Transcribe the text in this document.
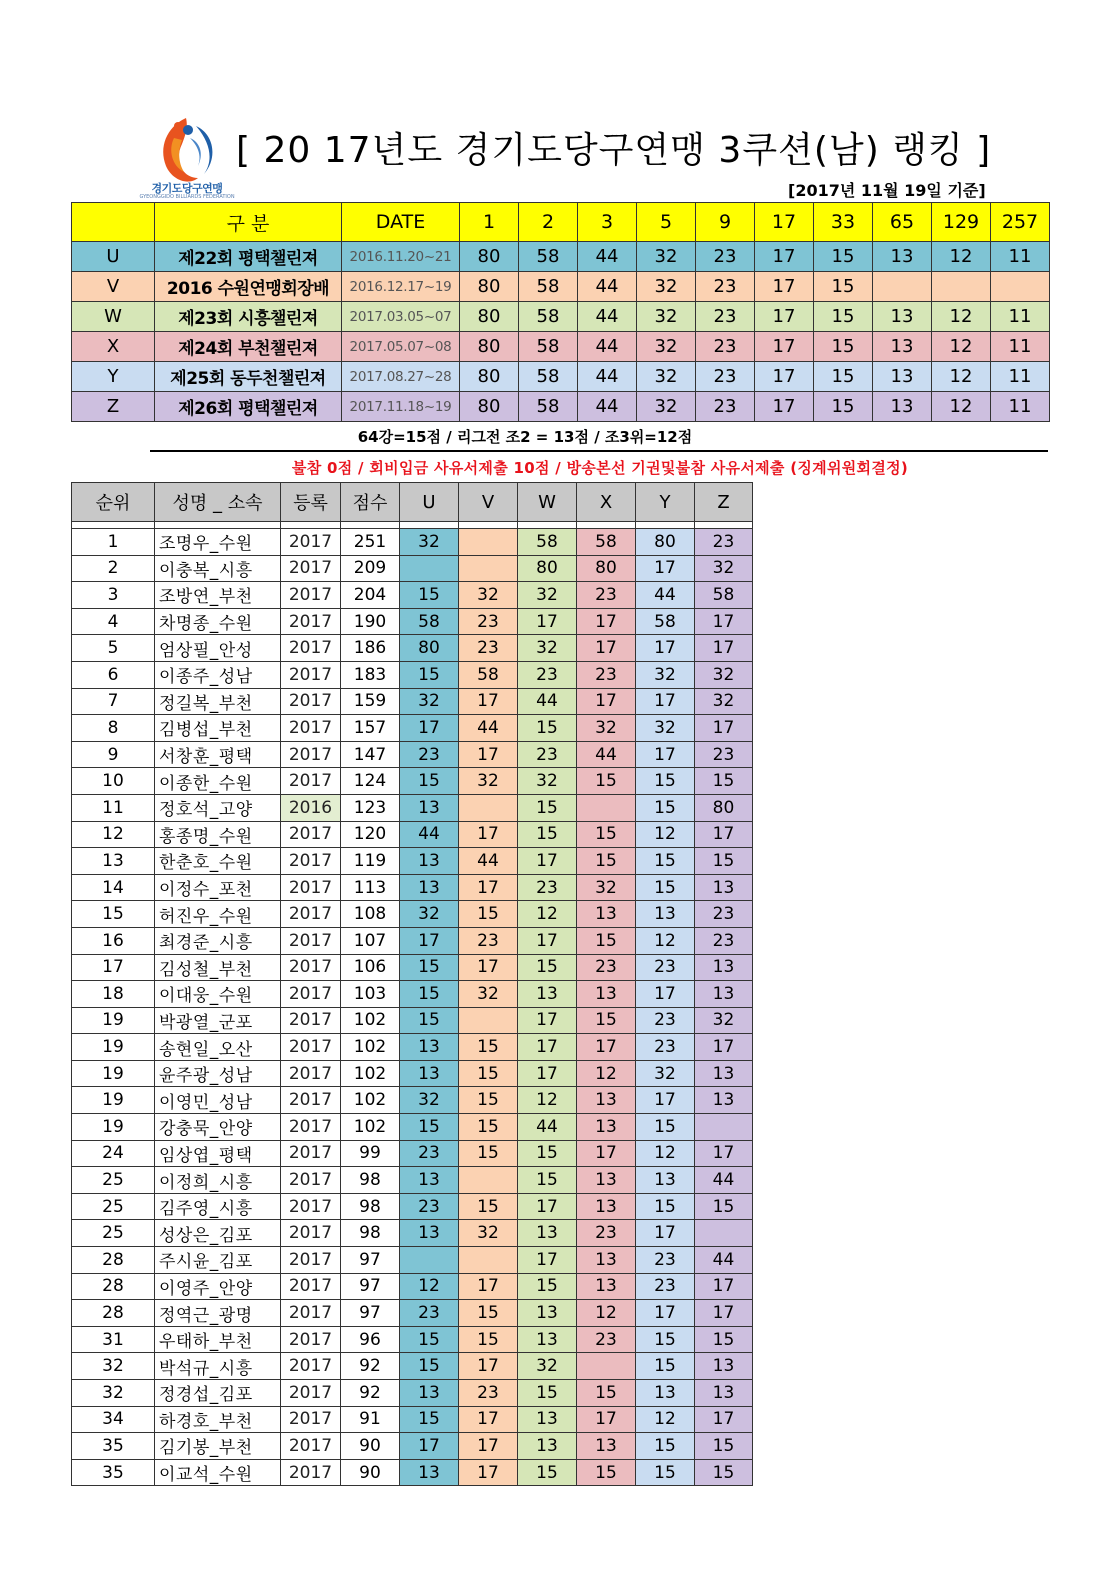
경기도당구연맹
GYEONGGIDO BILLIARDS FEDERATION
[ 20 17년도 경기도당구연맹 3쿠션(남) 랭킹 ]
[2017년 11월 19일 기준]
	구 분	DATE	1	2	3	5	9	17	33	65	129	257
U	제22회 평택챌린져	2016.11.20~21	80	58	44	32	23	17	15	13	12	11
V	2016 수원연맹회장배	2016.12.17~19	80	58	44	32	23	17	15			
W	제23회 시흥챌린져	2017.03.05~07	80	58	44	32	23	17	15	13	12	11
X	제24회 부천챌린져	2017.05.07~08	80	58	44	32	23	17	15	13	12	11
Y	제25회 동두천챌린져	2017.08.27~28	80	58	44	32	23	17	15	13	12	11
Z	제26회 평택챌린져	2017.11.18~19	80	58	44	32	23	17	15	13	12	11
64강=15점 / 리그전 조2 = 13점 / 조3위=12점
불참 0점 / 회비입금 사유서제출 10점 / 방송본선 기권및불참 사유서제출 (징계위원회결정)
순위	성명 _ 소속	등록	점수	U	V	W	X	Y	Z

1	조명우_수원	2017	251	32		58	58	80	23
2	이충복_시흥	2017	209			80	80	17	32
3	조방연_부천	2017	204	15	32	32	23	44	58
4	차명종_수원	2017	190	58	23	17	17	58	17
5	엄상필_안성	2017	186	80	23	32	17	17	17
6	이종주_성남	2017	183	15	58	23	23	32	32
7	정길복_부천	2017	159	32	17	44	17	17	32
8	김병섭_부천	2017	157	17	44	15	32	32	17
9	서창훈_평택	2017	147	23	17	23	44	17	23
10	이종한_수원	2017	124	15	32	32	15	15	15
11	정호석_고양	2016	123	13		15		15	80
12	홍종명_수원	2017	120	44	17	15	15	12	17
13	한춘호_수원	2017	119	13	44	17	15	15	15
14	이정수_포천	2017	113	13	17	23	32	15	13
15	허진우_수원	2017	108	32	15	12	13	13	23
16	최경준_시흥	2017	107	17	23	17	15	12	23
17	김성철_부천	2017	106	15	17	15	23	23	13
18	이대웅_수원	2017	103	15	32	13	13	17	13
19	박광열_군포	2017	102	15		17	15	23	32
19	송현일_오산	2017	102	13	15	17	17	23	17
19	윤주광_성남	2017	102	13	15	17	12	32	13
19	이영민_성남	2017	102	32	15	12	13	17	13
19	강충묵_안양	2017	102	15	15	44	13	15	
24	임상엽_평택	2017	99	23	15	15	17	12	17
25	이정희_시흥	2017	98	13		15	13	13	44
25	김주영_시흥	2017	98	23	15	17	13	15	15
25	성상은_김포	2017	98	13	32	13	23	17	
28	주시윤_김포	2017	97			17	13	23	44
28	이영주_안양	2017	97	12	17	15	13	23	17
28	정역근_광명	2017	97	23	15	13	12	17	17
31	우태하_부천	2017	96	15	15	13	23	15	15
32	박석규_시흥	2017	92	15	17	32		15	13
32	정경섭_김포	2017	92	13	23	15	15	13	13
34	하경호_부천	2017	91	15	17	13	17	12	17
35	김기봉_부천	2017	90	17	17	13	13	15	15
35	이교석_수원	2017	90	13	17	15	15	15	15
